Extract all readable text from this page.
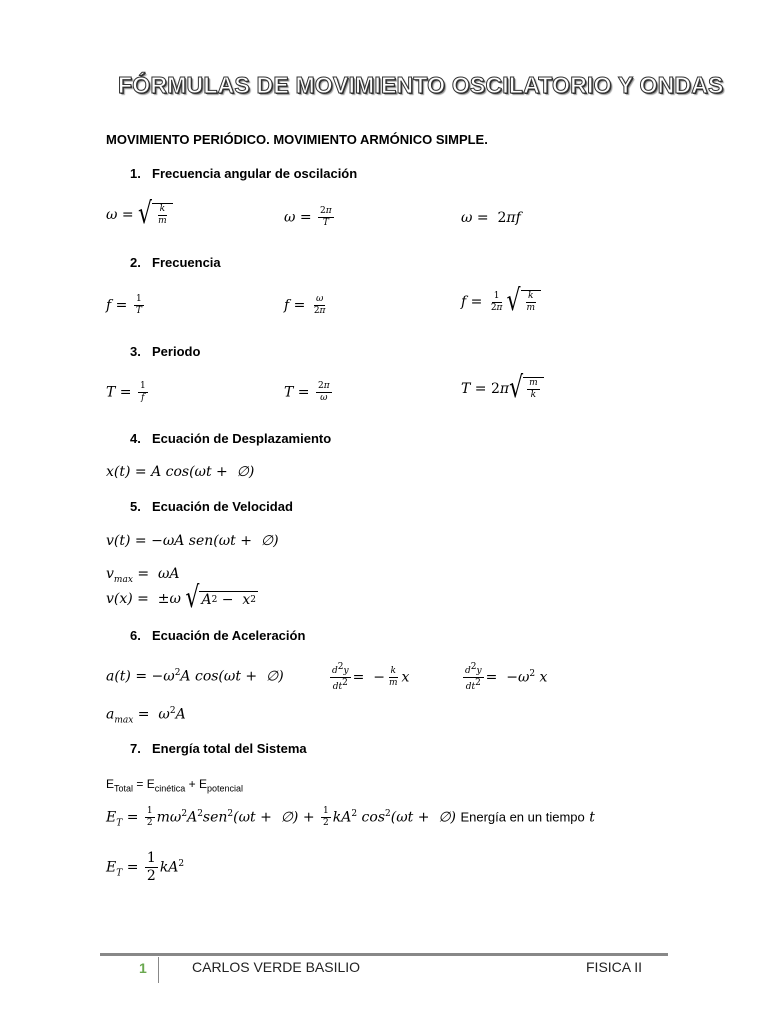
FÓRMULAS DE MOVIMIENTO OSCILATORIO Y ONDAS
MOVIMIENTO PERIÓDICO. MOVIMIENTO ARMÓNICO SIMPLE.
1. Frecuencia angular de oscilación
ω = √ $\frac{k}{m}$	$\omega = \frac{2\pi}{T}$	ω =  2πf
2. Frecuencia
$f = \frac{1}{T}$	$f = \frac{\omega}{2\pi}$	$f = \frac{1}{2\pi}$ √ $\frac{k}{m}$
3. Periodo
$T = \frac{1}{f}$	$T = \frac{2\pi}{\omega}$	T = 2π √ $\frac{m}{k}$
4. Ecuación de Desplazamiento
x(t) = A cos(ωt +  ∅)
5. Ecuación de Velocidad
v(t) = −ωA sen(ωt +  ∅)
$v_{max} = \omega A$
v(x) =  ±ω √ A 2 −  x 2
6. Ecuación de Aceleración
$a(t) = -\omega^2A$ cos(ωt +  ∅)	$\frac{d^2y}{dt^2}$ =  − $\frac{k}{m}$ x	$\frac{d^2y}{dt^2} = -\omega^2$ x
$a_{max} = \omega^2A$
7. Energía total del Sistema
$E_{Total} = E_{cinética} + E_{potencial}$
$E_T = \frac{1}{2} m\omega^2A^2sen^2(\omega t$ +  ∅) + $\frac{1}{2} kA^2$ $\cos^2(\omega t$ +  ∅) Energía en un tiempo t
$E_T = \frac{1}{2} kA^2$
1	CARLOS VERDE BASILIO	FISICA II
